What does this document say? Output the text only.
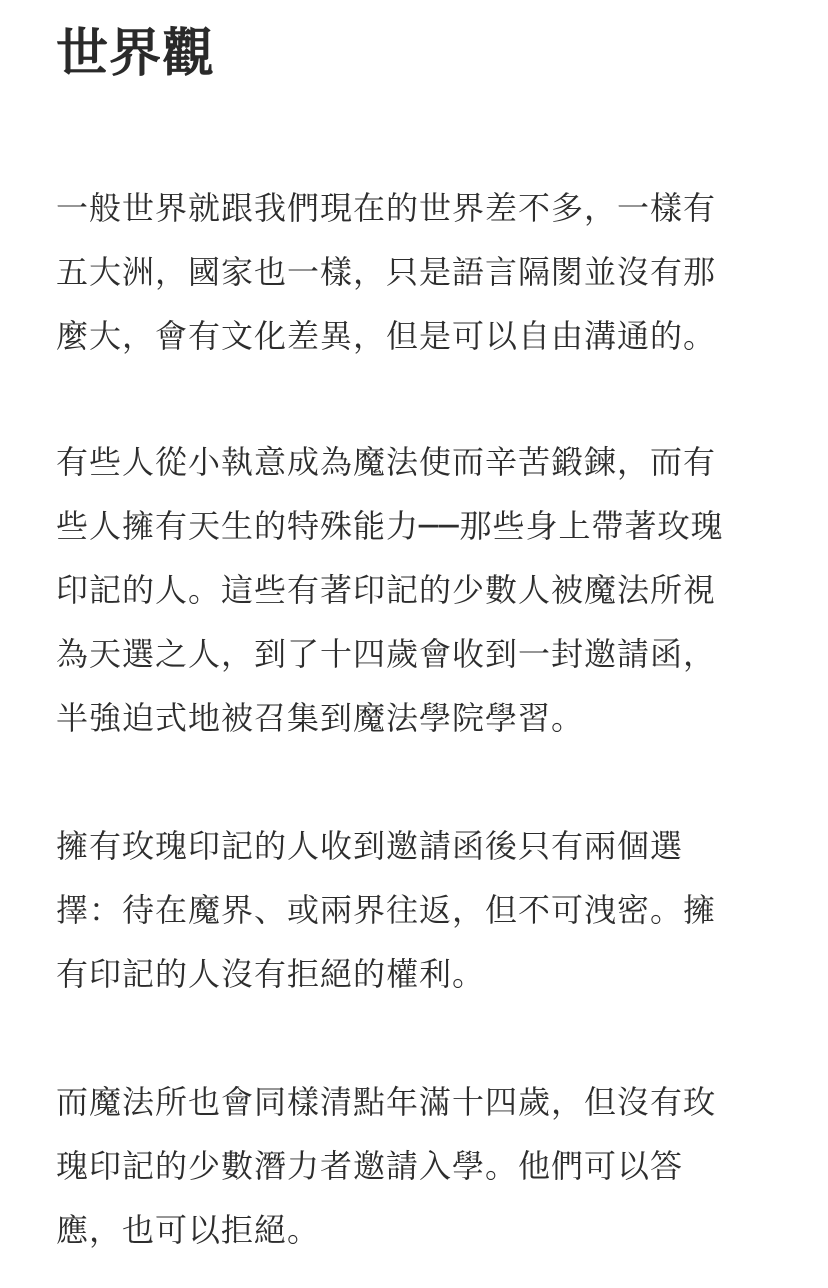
世界觀

一般世界就跟我們現在的世界差不多，一樣有
五大洲，國家也一樣，只是語言隔閡並沒有那
麼大，會有文化差異，但是可以自由溝通的。

有些人從小執意成為魔法使而辛苦鍛鍊，而有
些人擁有天生的特殊能力──那些身上帶著玫瑰
印記的人。這些有著印記的少數人被魔法所視
為天選之人，到了十四歲會收到一封邀請函，
半強迫式地被召集到魔法學院學習。

擁有玫瑰印記的人收到邀請函後只有兩個選
擇：待在魔界、或兩界往返，但不可洩密。擁
有印記的人沒有拒絕的權利。

而魔法所也會同樣清點年滿十四歲，但沒有玫
瑰印記的少數潛力者邀請入學。他們可以答
應，也可以拒絕。
